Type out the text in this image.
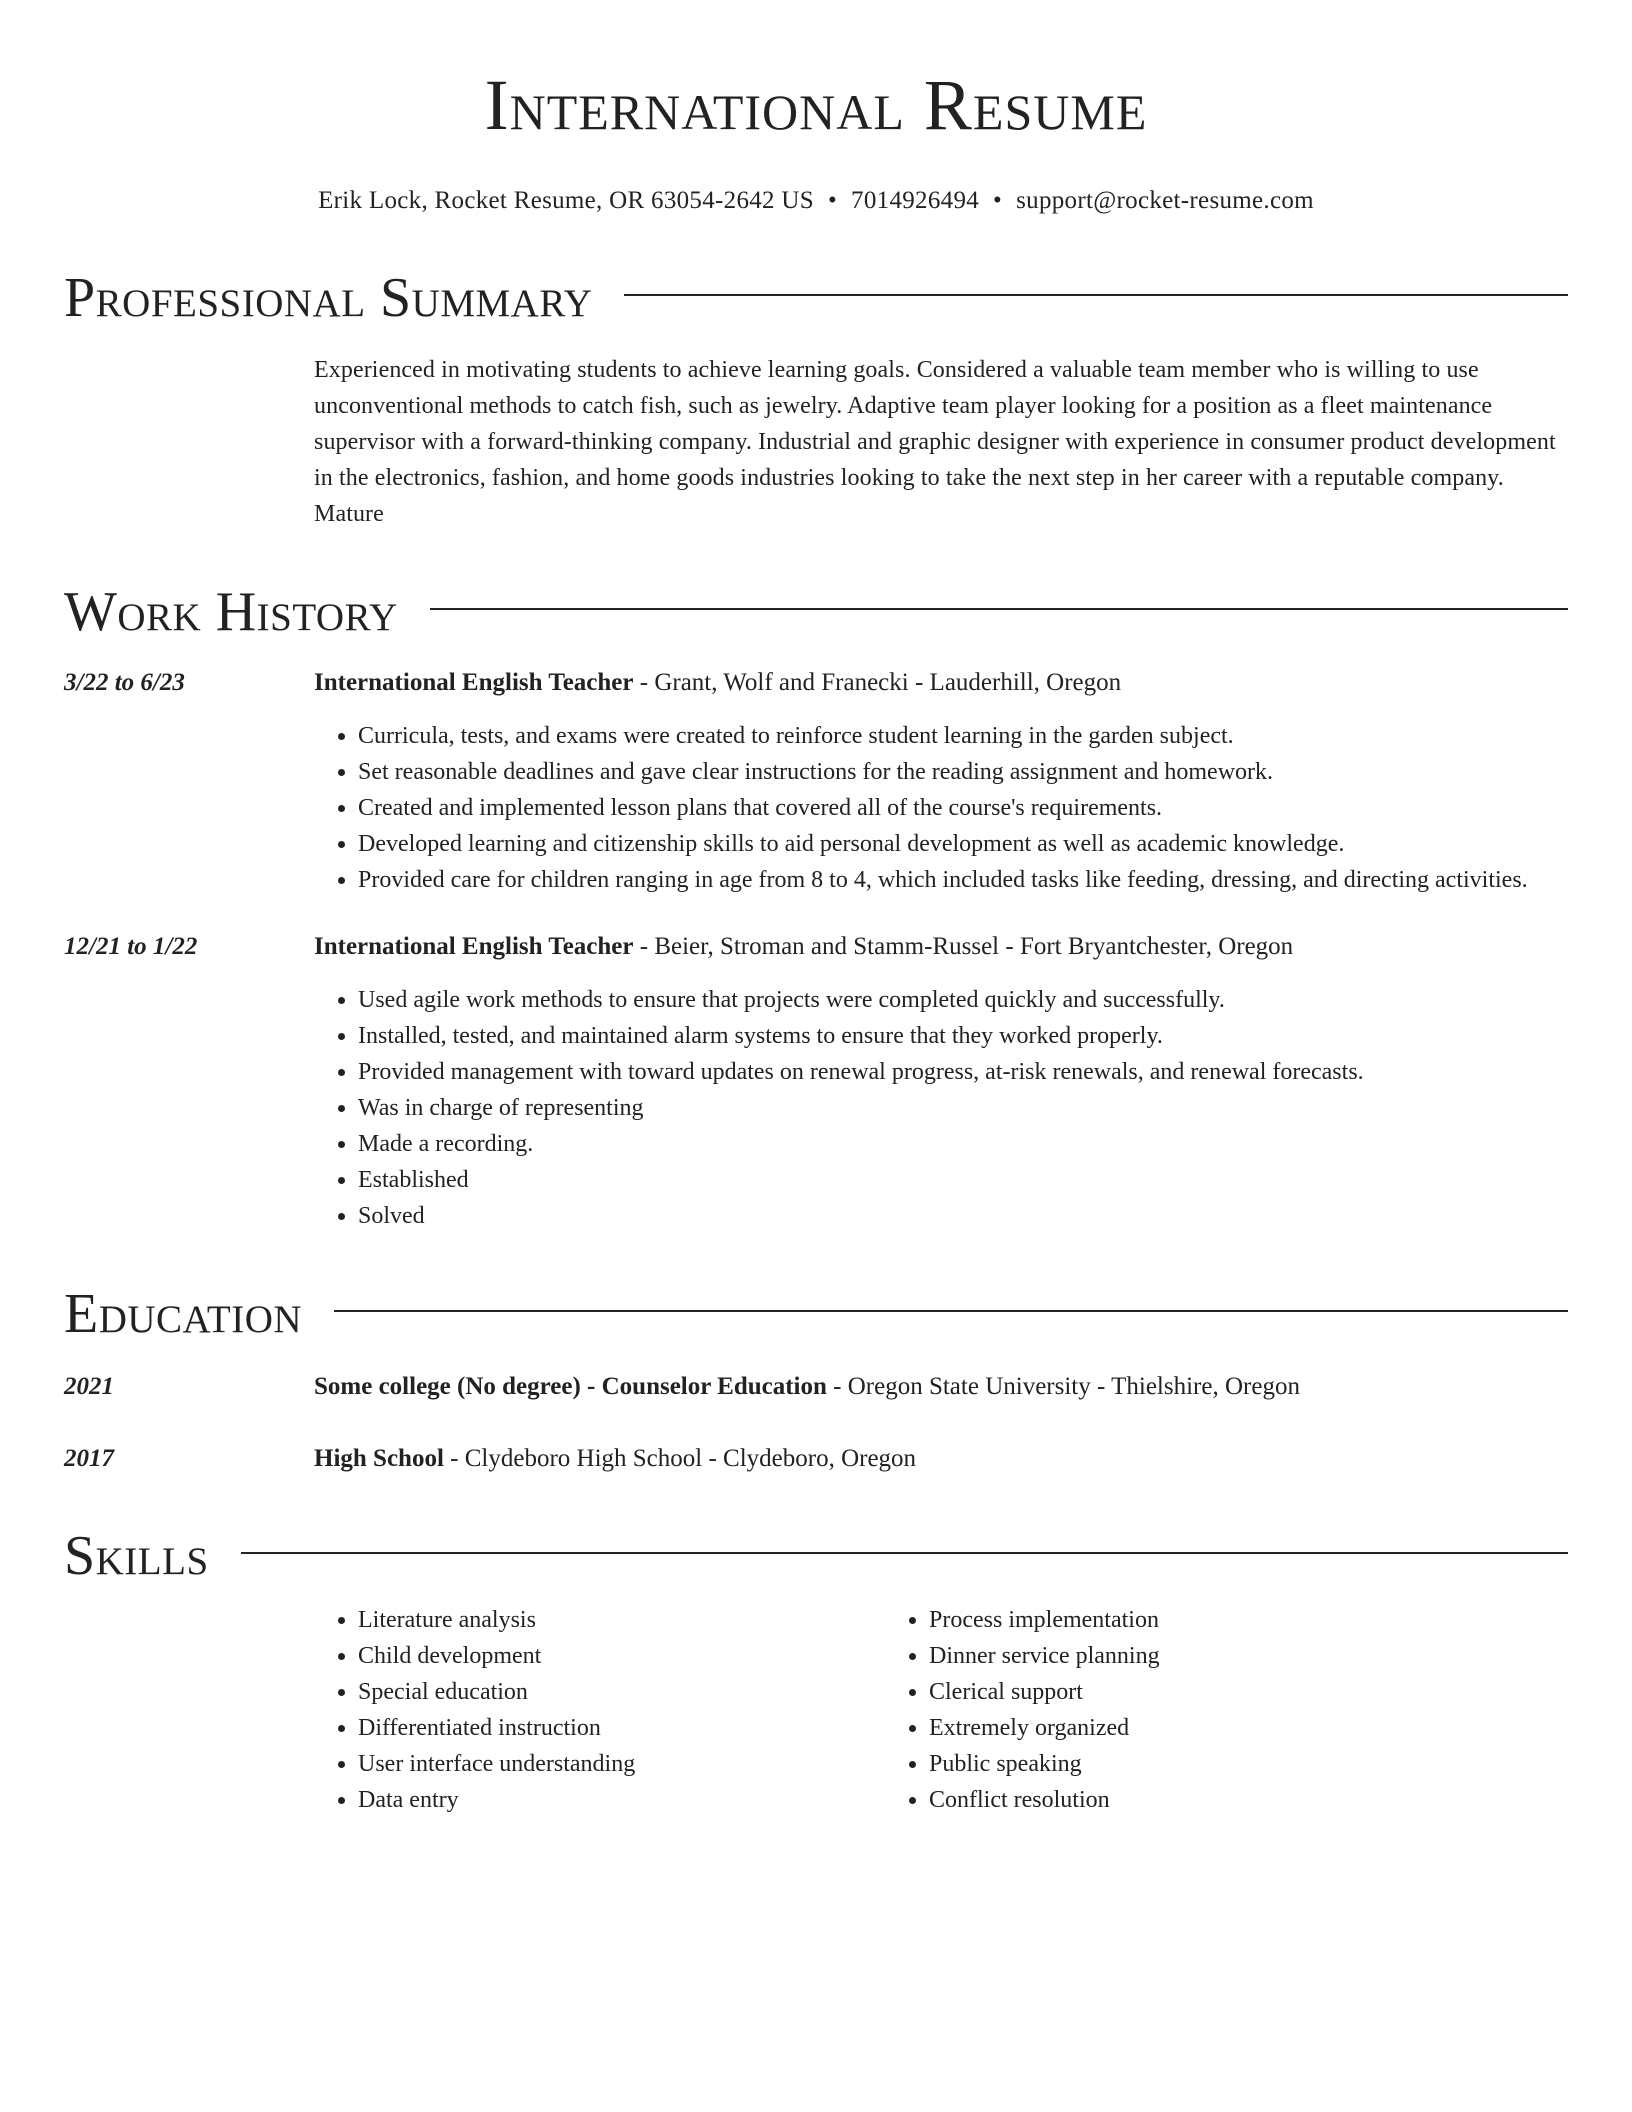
International Resume
Erik Lock, Rocket Resume, OR 63054-2642 US • 7014926494 • support@rocket-resume.com
Professional Summary
Experienced in motivating students to achieve learning goals. Considered a valuable team member who is willing to use unconventional methods to catch fish, such as jewelry. Adaptive team player looking for a position as a fleet maintenance supervisor with a forward-thinking company. Industrial and graphic designer with experience in consumer product development in the electronics, fashion, and home goods industries looking to take the next step in her career with a reputable company. Mature
Work History
3/22 to 6/23	International English Teacher - Grant, Wolf and Franecki - Lauderhill, Oregon
• Curricula, tests, and exams were created to reinforce student learning in the garden subject.
• Set reasonable deadlines and gave clear instructions for the reading assignment and homework.
• Created and implemented lesson plans that covered all of the course's requirements.
• Developed learning and citizenship skills to aid personal development as well as academic knowledge.
• Provided care for children ranging in age from 8 to 4, which included tasks like feeding, dressing, and directing activities.
12/21 to 1/22	International English Teacher - Beier, Stroman and Stamm-Russel - Fort Bryantchester, Oregon
• Used agile work methods to ensure that projects were completed quickly and successfully.
• Installed, tested, and maintained alarm systems to ensure that they worked properly.
• Provided management with toward updates on renewal progress, at-risk renewals, and renewal forecasts.
• Was in charge of representing
• Made a recording.
• Established
• Solved
Education
2021	Some college (No degree) - Counselor Education - Oregon State University - Thielshire, Oregon
2017	High School - Clydeboro High School - Clydeboro, Oregon
Skills
• Literature analysis
• Child development
• Special education
• Differentiated instruction
• User interface understanding
• Data entry
• Process implementation
• Dinner service planning
• Clerical support
• Extremely organized
• Public speaking
• Conflict resolution
